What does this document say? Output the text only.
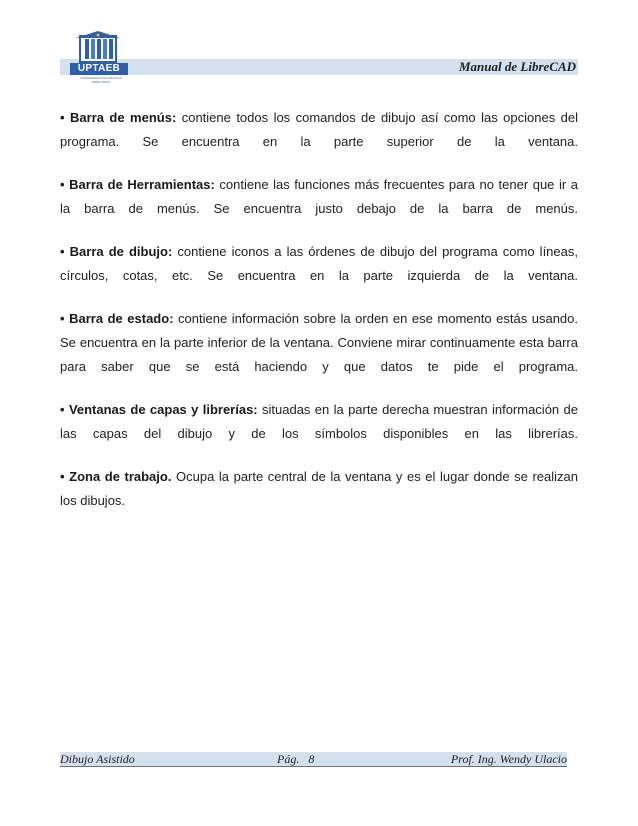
UPTAEB
UNIVERSIDAD POLITÉCNICA TERRITORIAL
Manual de LibreCAD

• Barra de menús: contiene todos los comandos de dibujo así como las opciones del programa. Se encuentra en la parte superior de la ventana.

• Barra de Herramientas: contiene las funciones más frecuentes para no tener que ir a la barra de menús. Se encuentra justo debajo de la barra de menús.

• Barra de dibujo: contiene iconos a las órdenes de dibujo del programa como líneas, círculos, cotas, etc. Se encuentra en la parte izquierda de la ventana.

• Barra de estado: contiene información sobre la orden en ese momento estás usando. Se encuentra en la parte inferior de la ventana. Conviene mirar continuamente esta barra para saber que se está haciendo y que datos te pide el programa.

• Ventanas de capas y librerías: situadas en la parte derecha muestran información de las capas del dibujo y de los símbolos disponibles en las librerías.

• Zona de trabajo. Ocupa la parte central de la ventana y es el lugar donde se realizan los dibujos.

Dibujo Asistido	Pág.   8	Prof. Ing. Wendy Ulacio
